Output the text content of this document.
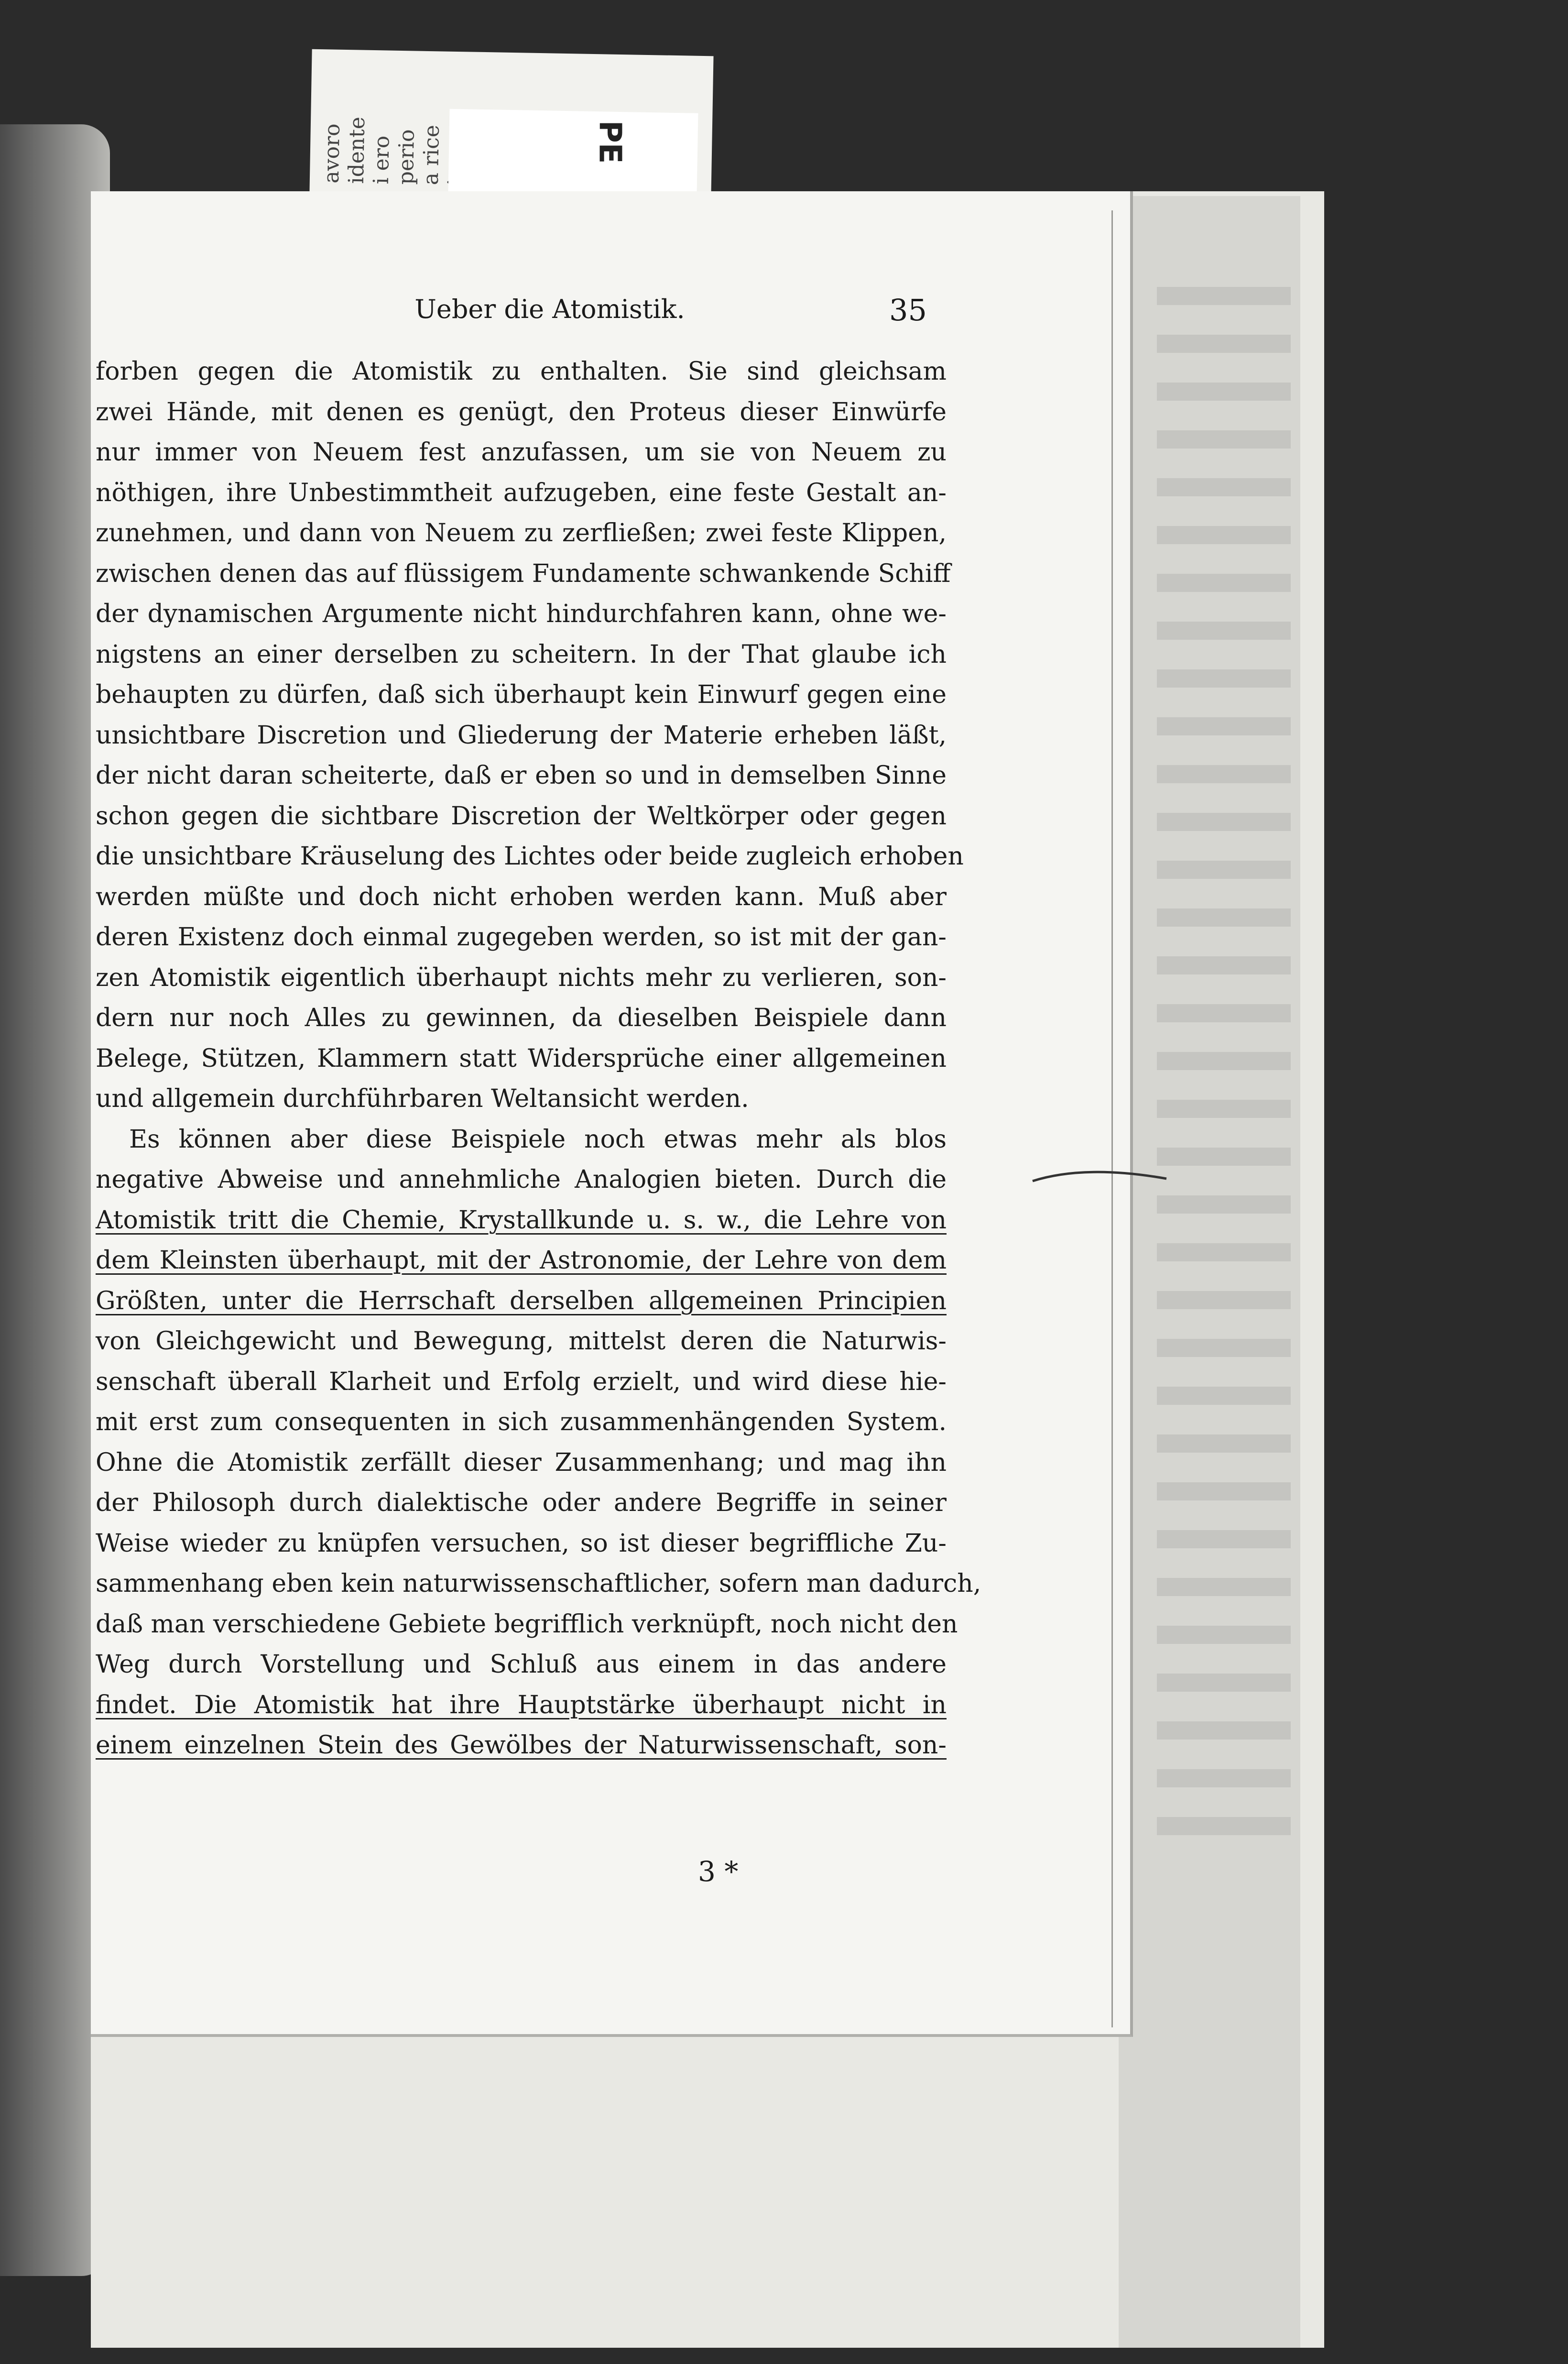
avoro
idente
i ero perio
a rice	PE
Ueber die Atomistik.	35
forben gegen die Atomistik zu enthalten. Sie sind gleichsam
zwei Hände, mit denen es genügt, den Proteus dieser Einwürfe
nur immer von Neuem fest anzufassen, um sie von Neuem zu
nöthigen, ihre Unbestimmtheit aufzugeben, eine feste Gestalt an-
zunehmen, und dann von Neuem zu zerfließen; zwei feste Klippen,
zwischen denen das auf flüssigem Fundamente schwankende Schiff
der dynamischen Argumente nicht hindurchfahren kann, ohne we-
nigstens an einer derselben zu scheitern. In der That glaube ich
behaupten zu dürfen, daß sich überhaupt kein Einwurf gegen eine
unsichtbare Discretion und Gliederung der Materie erheben läßt,
der nicht daran scheiterte, daß er eben so und in demselben Sinne
schon gegen die sichtbare Discretion der Weltkörper oder gegen
die unsichtbare Kräuselung des Lichtes oder beide zugleich erhoben
werden müßte und doch nicht erhoben werden kann. Muß aber
deren Existenz doch einmal zugegeben werden, so ist mit der gan-
zen Atomistik eigentlich überhaupt nichts mehr zu verlieren, son-
dern nur noch Alles zu gewinnen, da dieselben Beispiele dann
Belege, Stützen, Klammern statt Widersprüche einer allgemeinen
und allgemein durchführbaren Weltansicht werden.
Es können aber diese Beispiele noch etwas mehr als blos
negative Abweise und annehmliche Analogien bieten. Durch die
Atomistik tritt die Chemie, Krystallkunde u. s. w., die Lehre von
dem Kleinsten überhaupt, mit der Astronomie, der Lehre von dem
Größten, unter die Herrschaft derselben allgemeinen Principien
von Gleichgewicht und Bewegung, mittelst deren die Naturwis-
senschaft überall Klarheit und Erfolg erzielt, und wird diese hie-
mit erst zum consequenten in sich zusammenhängenden System.
Ohne die Atomistik zerfällt dieser Zusammenhang; und mag ihn
der Philosoph durch dialektische oder andere Begriffe in seiner
Weise wieder zu knüpfen versuchen, so ist dieser begriffliche Zu-
sammenhang eben kein naturwissenschaftlicher, sofern man dadurch,
daß man verschiedene Gebiete begrifflich verknüpft, noch nicht den
Weg durch Vorstellung und Schluß aus einem in das andere
findet. Die Atomistik hat ihre Hauptstärke überhaupt nicht in
einem einzelnen Stein des Gewölbes der Naturwissenschaft, son-
3 *
